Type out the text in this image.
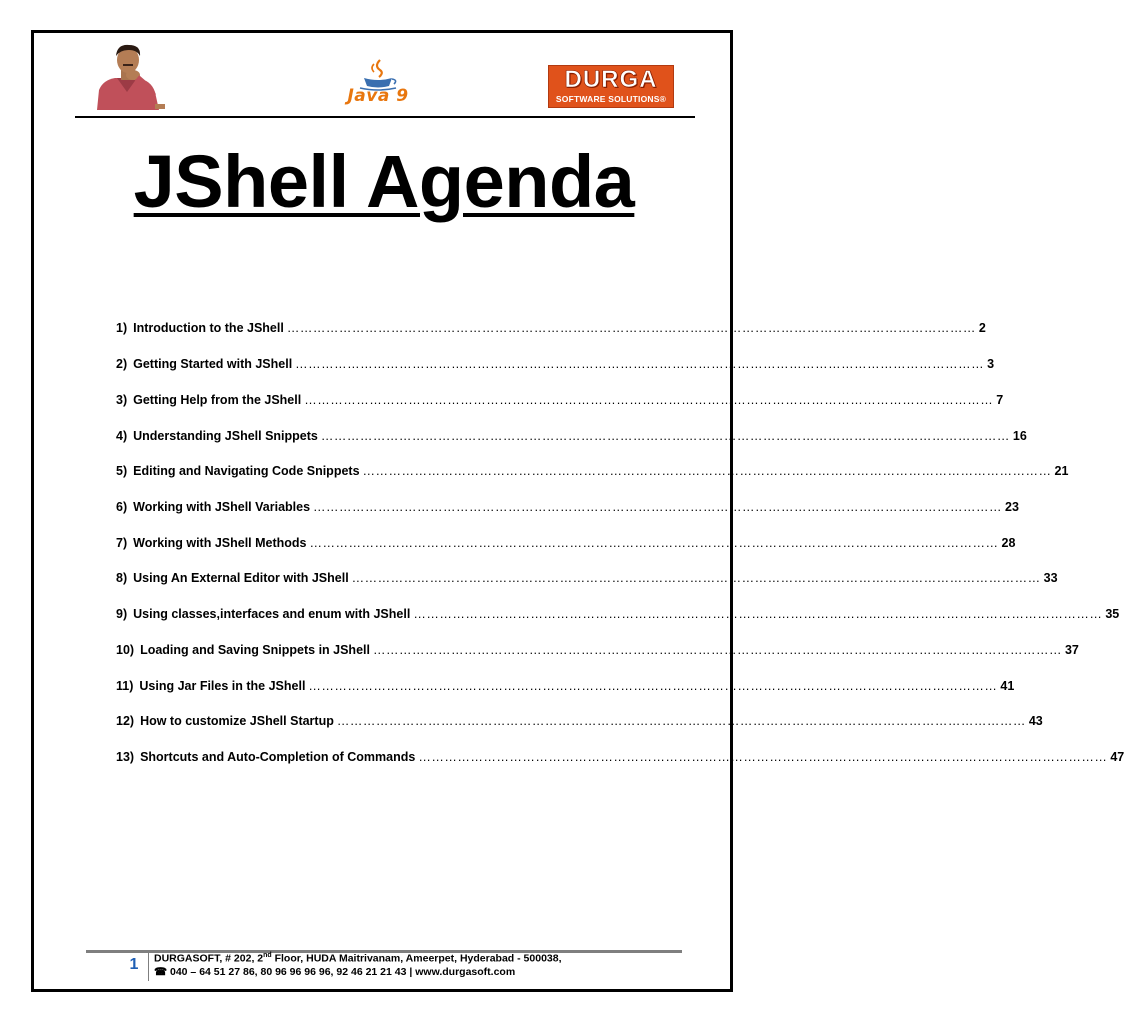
Java 9
DURGA
SOFTWARE SOLUTIONS®
JShell Agenda
1) Introduction to the JShell …………………………………………………………………………………………………………………………………………… 2
2) Getting Started with JShell …………………………………………………………………………………………………………………………………………… 3
3) Getting Help from the JShell …………………………………………………………………………………………………………………………………………… 7
4) Understanding JShell Snippets …………………………………………………………………………………………………………………………………………… 16
5) Editing and Navigating Code Snippets …………………………………………………………………………………………………………………………………………… 21
6) Working with JShell Variables …………………………………………………………………………………………………………………………………………… 23
7) Working with JShell Methods …………………………………………………………………………………………………………………………………………… 28
8) Using An External Editor with JShell …………………………………………………………………………………………………………………………………………… 33
9) Using classes,interfaces and enum with JShell …………………………………………………………………………………………………………………………………………… 35
10) Loading and Saving Snippets in JShell …………………………………………………………………………………………………………………………………………… 37
11) Using Jar Files in the JShell …………………………………………………………………………………………………………………………………………… 41
12) How to customize JShell Startup …………………………………………………………………………………………………………………………………………… 43
13) Shortcuts and Auto-Completion of Commands …………………………………………………………………………………………………………………………………………… 47
1	DURGASOFT, # 202, 2nd Floor, HUDA Maitrivanam, Ameerpet, Hyderabad - 500038,
☎ 040 – 64 51 27 86, 80 96 96 96 96, 92 46 21 21 43 | www.durgasoft.com
